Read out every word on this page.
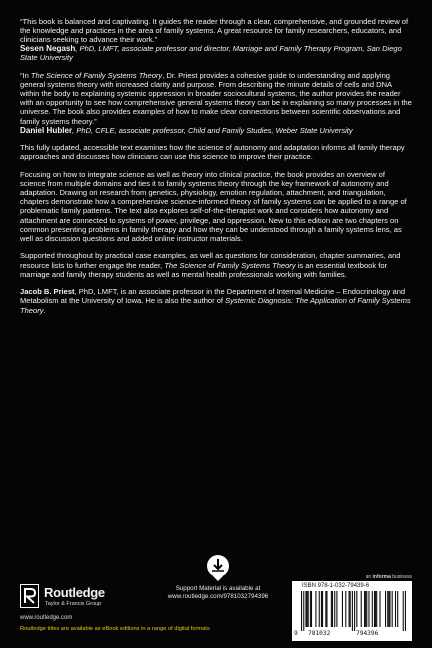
“This book is balanced and captivating. It guides the reader through a clear, comprehensive, and grounded review of the knowledge and practices in the area of family systems. A great resource for family researchers, educators, and clinicians seeking to advance their work.”
Sesen Negash, PhD, LMFT, associate professor and director, Marriage and Family Therapy Program, San Diego State University

“In The Science of Family Systems Theory, Dr. Priest provides a cohesive guide to understanding and applying general systems theory with increased clarity and purpose. From describing the minute details of cells and DNA within the body to explaining systemic oppression in broader sociocultural systems, the author provides the reader with an opportunity to see how comprehensive general systems theory can be in explaining so many processes in the universe. The book also provides examples of how to make clear connections between scientific observations and family systems theory.”
Daniel Hubler, PhD, CFLE, associate professor, Child and Family Studies, Weber State University

This fully updated, accessible text examines how the science of autonomy and adaptation informs all family therapy approaches and discusses how clinicians can use this science to improve their practice.

Focusing on how to integrate science as well as theory into clinical practice, the book provides an overview of science from multiple domains and ties it to family systems theory through the key framework of autonomy and adaptation. Drawing on research from genetics, physiology, emotion regulation, attachment, and triangulation, chapters demonstrate how a comprehensive science-informed theory of family systems can be applied to a range of problematic family patterns. The text also explores self-of-the-therapist work and considers how autonomy and attachment are connected to systems of power, privilege, and oppression. New to this edition are two chapters on common presenting problems in family therapy and how they can be understood through a family systems lens, as well as discussion questions and added online instructor materials.

Supported throughout by practical case examples, as well as questions for consideration, chapter summaries, and resource lists to further engage the reader, The Science of Family Systems Theory is an essential textbook for marriage and family therapy students as well as mental health professionals working with families.

Jacob B. Priest, PhD, LMFT, is an associate professor in the Department of Internal Medicine – Endocrinology and Metabolism at the University of Iowa. He is also the author of Systemic Diagnosis: The Application of Family Systems Theory.

Routledge
Taylor & Francis Group
www.routledge.com
Support Material is available at
www.routledge.com/9781032794396
an informa business
ISBN 978-1-032-79439-6
9 781032	794396
Routledge titles are available as eBook editions in a range of digital formats
